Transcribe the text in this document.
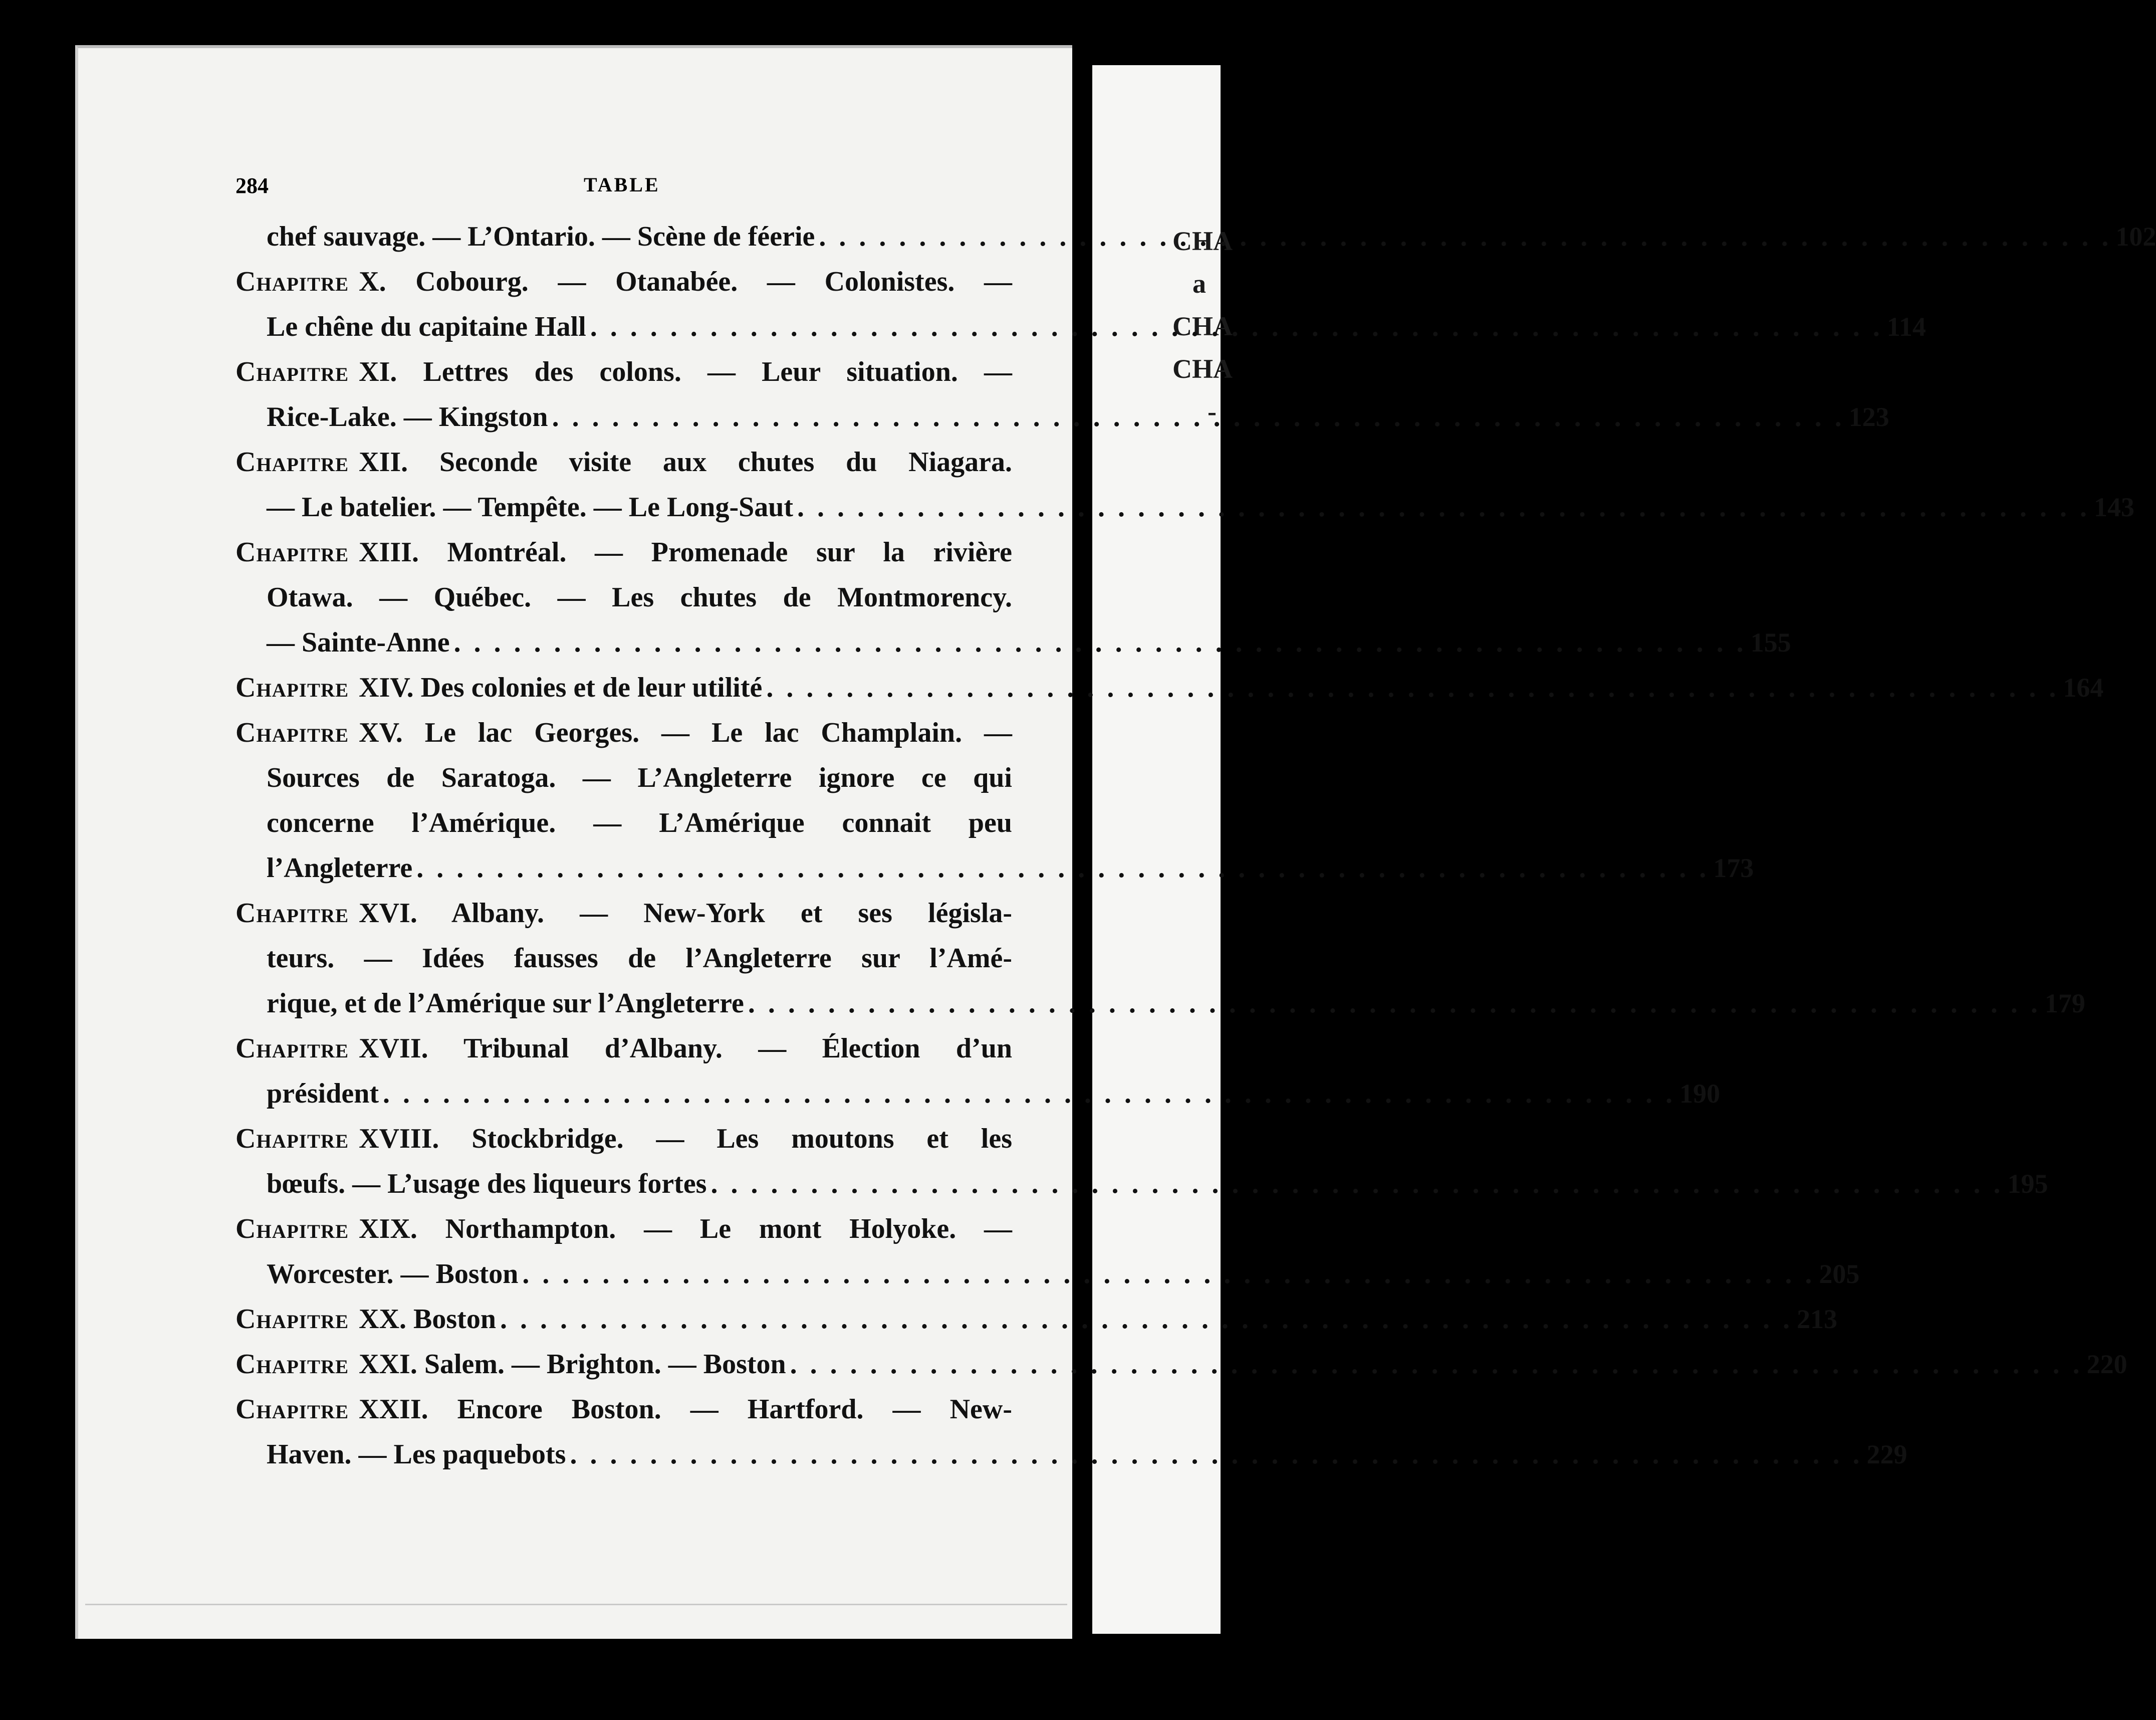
CHA
a
CHA
CHA
-
284	TABLE
chef sauvage. — L’Ontario. — Scène de féerie . . .	102
Chapitre X. Cobourg. — Otanabée. — Colonistes. —
Le chêne du capitaine Hall . . .	114
Chapitre XI. Lettres des colons. — Leur situation. —
Rice-Lake. — Kingston . . .	123
Chapitre XII. Seconde visite aux chutes du Niagara.
— Le batelier. — Tempête. — Le Long-Saut . . .	143
Chapitre XIII. Montréal. — Promenade sur la rivière
Otawa. — Québec. — Les chutes de Montmorency.
— Sainte-Anne . . .	155
Chapitre XIV. Des colonies et de leur utilité . . .	164
Chapitre XV. Le lac Georges. — Le lac Champlain. —
Sources de Saratoga. — L’Angleterre ignore ce qui
concerne l’Amérique. — L’Amérique connait peu
l’Angleterre . . .	173
Chapitre XVI. Albany. — New-York et ses législa-
teurs. — Idées fausses de l’Angleterre sur l’Amé-
rique, et de l’Amérique sur l’Angleterre . . .	179
Chapitre XVII. Tribunal d’Albany. — Élection d’un
président . . .	190
Chapitre XVIII. Stockbridge. — Les moutons et les
bœufs. — L’usage des liqueurs fortes . . .	195
Chapitre XIX. Northampton. — Le mont Holyoke. —
Worcester. — Boston . . .	205
Chapitre XX. Boston . . .	213
Chapitre XXI. Salem. — Brighton. — Boston . . .	220
Chapitre XXII. Encore Boston. — Hartford. — New-
Haven. — Les paquebots . . .	229
